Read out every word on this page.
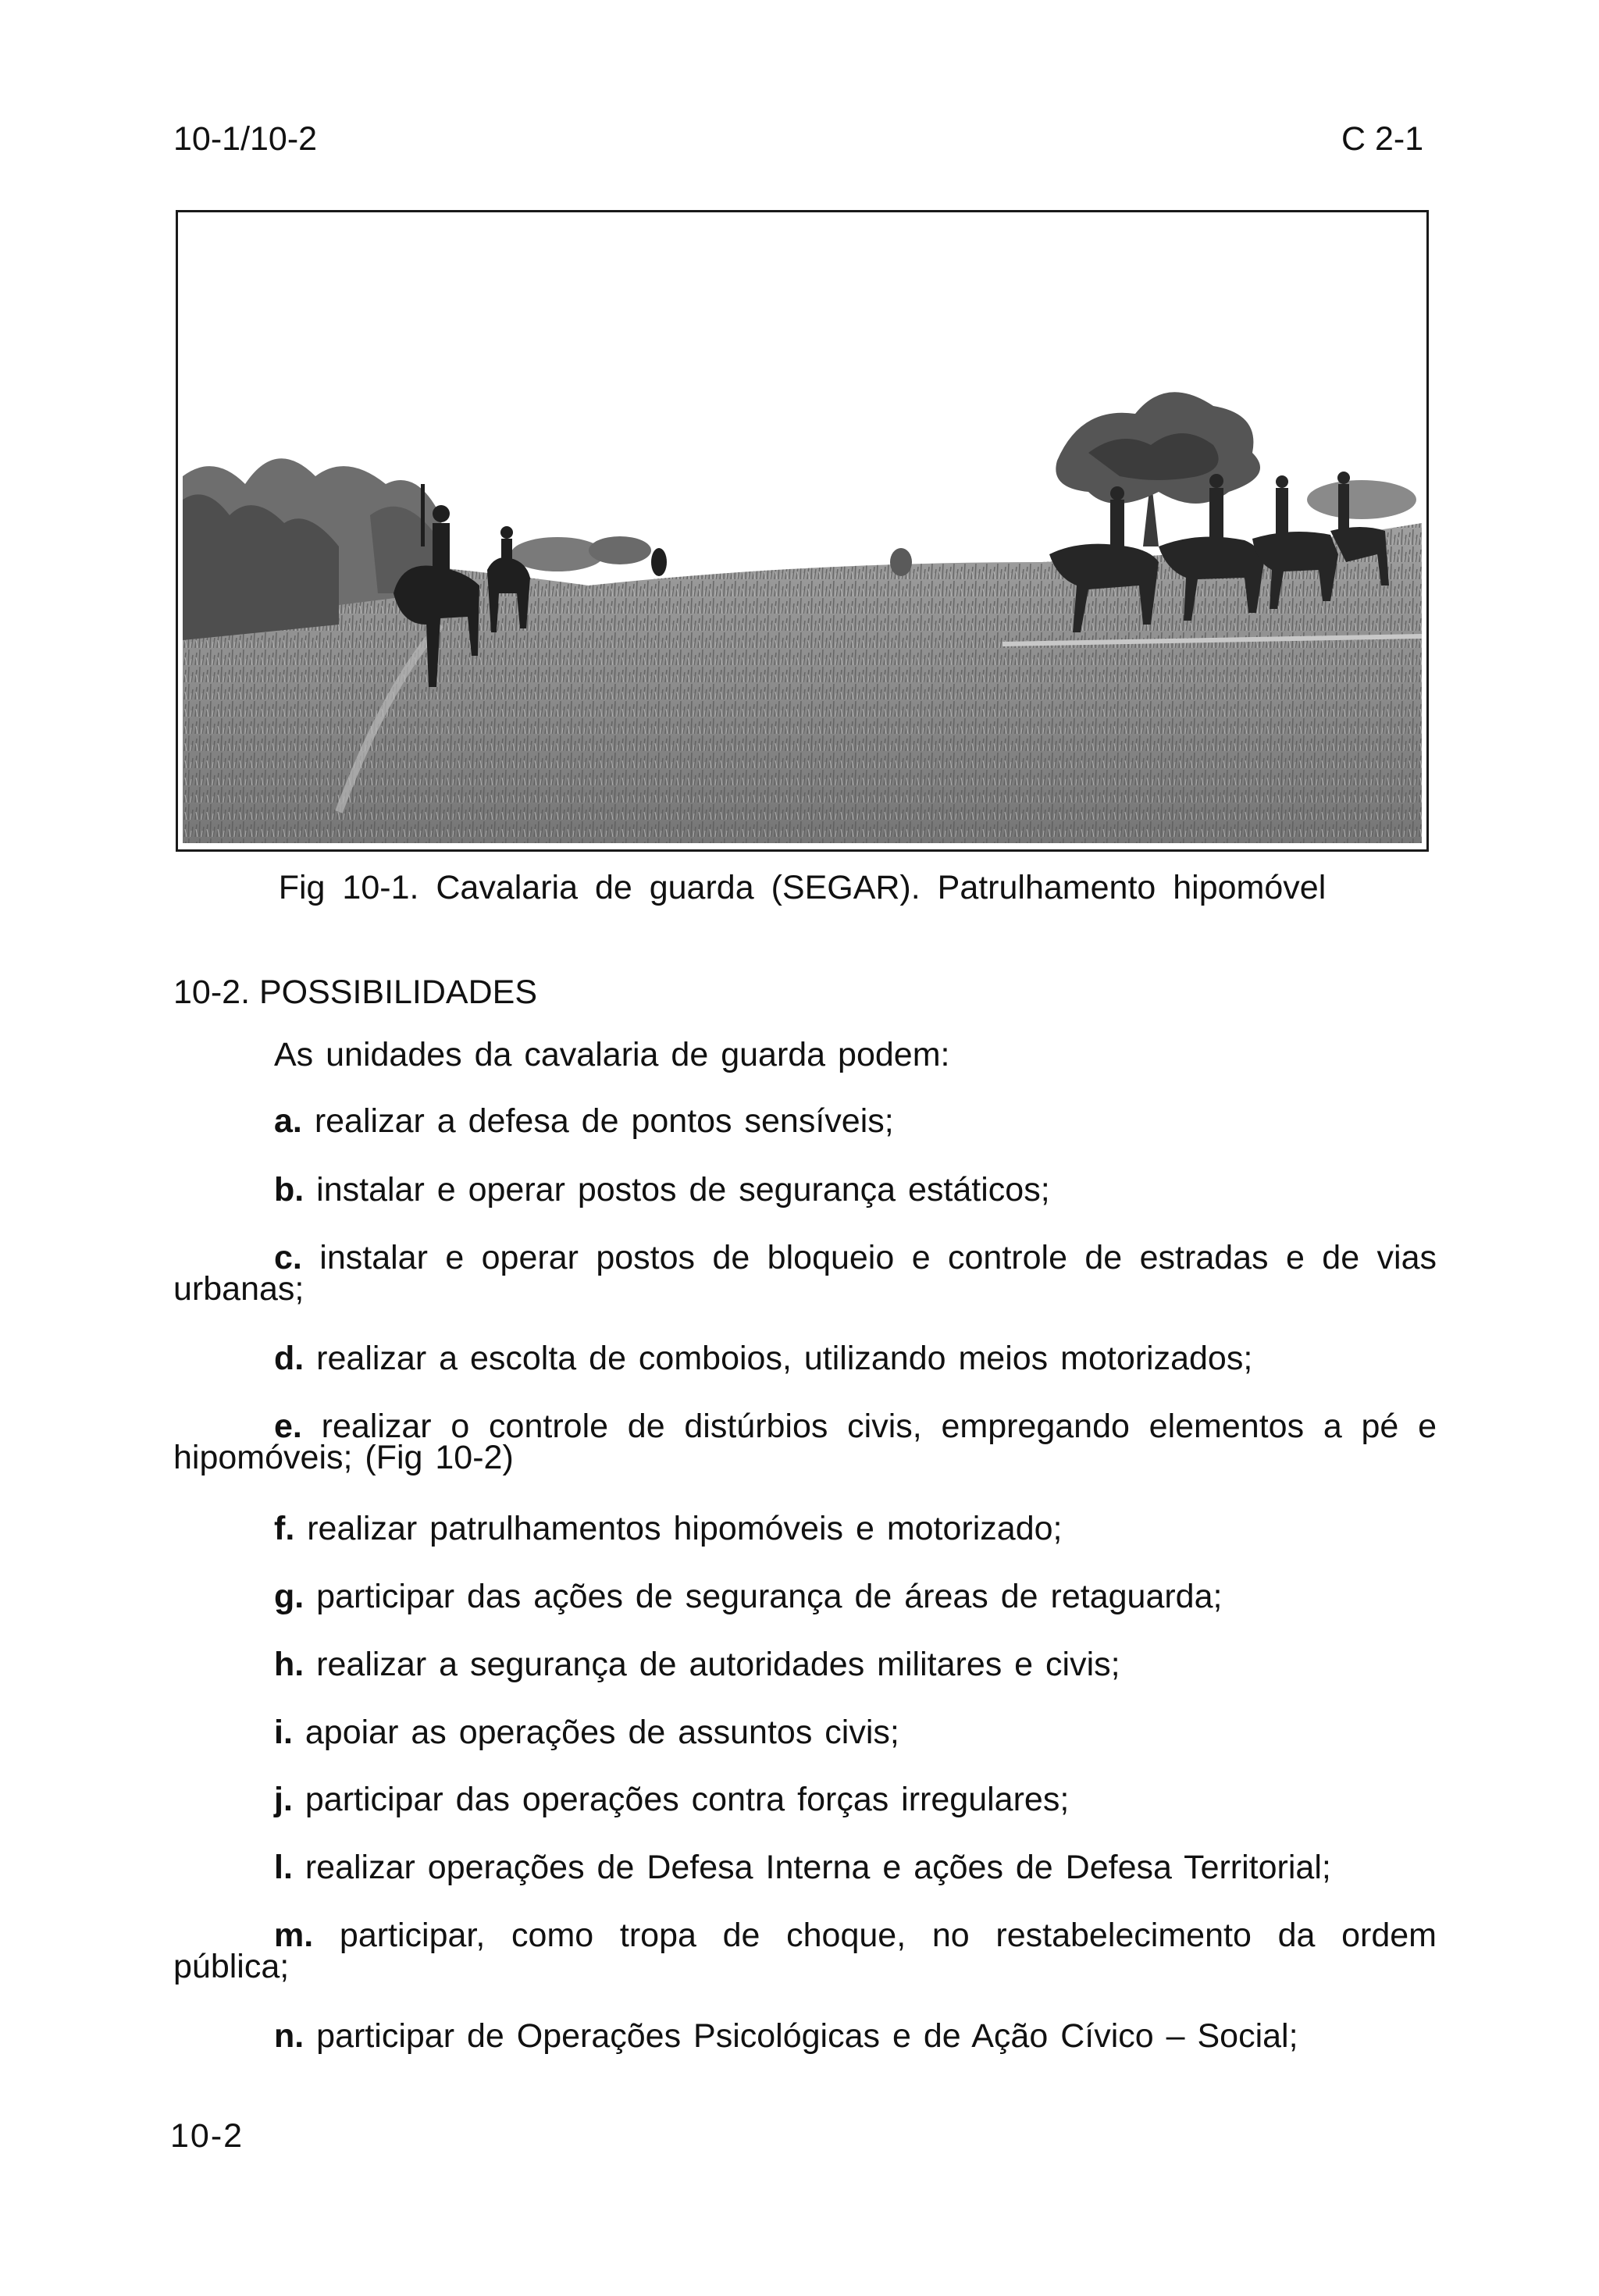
10-1/10-2	C 2-1
Fig 10-1. Cavalaria de guarda (SEGAR). Patrulhamento hipomóvel
10-2. POSSIBILIDADES
As unidades da cavalaria de guarda podem:
a. realizar a defesa de pontos sensíveis;
b. instalar e operar postos de segurança estáticos;
c. instalar e operar postos de bloqueio e controle de estradas e de vias urbanas;
d. realizar a escolta de comboios, utilizando meios motorizados;
e. realizar o controle de distúrbios civis, empregando elementos a pé e hipomóveis; (Fig 10-2)
f. realizar patrulhamentos hipomóveis e motorizado;
g. participar das ações de segurança de áreas de retaguarda;
h. realizar a segurança de autoridades militares e civis;
i. apoiar as operações de assuntos civis;
j. participar das operações contra forças irregulares;
l. realizar operações de Defesa Interna e ações de Defesa Territorial;
m. participar, como tropa de choque, no restabelecimento da ordem pública;
n. participar de Operações Psicológicas e de Ação Cívico – Social;
10-2
